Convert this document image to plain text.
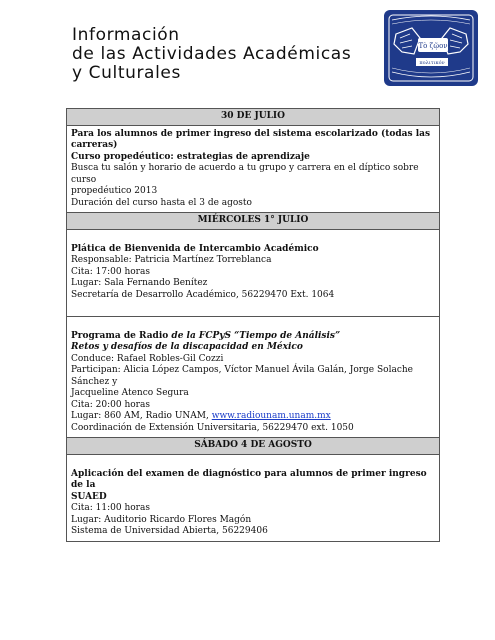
Información
de las Actividades Académicas
y Culturales
Τὸ ζῷον
πολιτικόν
30 DE JULIO

Para los alumnos de primer ingreso del sistema escolarizado (todas las carreras)
Curso propedéutico: estrategias de aprendizaje
Busca tu salón y horario de acuerdo a tu grupo y carrera en el díptico sobre curso
propedéutico 2013
Duración del curso hasta el 3 de agosto

MIÉRCOLES 1° JULIO

Plática de Bienvenida de Intercambio Académico
Responsable: Patricia Martínez Torreblanca
Cita: 17:00 horas
Lugar: Sala Fernando Benítez
Secretaría de Desarrollo Académico, 56229470 Ext. 1064

Programa de Radio de la FCPyS “Tiempo de Análisis”
Retos y desafíos de la discapacidad en México
Conduce: Rafael Robles-Gil Cozzi
Participan: Alicia López Campos, Víctor Manuel Ávila Galán, Jorge Solache Sánchez y
Jacqueline Atenco Segura
Cita: 20:00 horas
Lugar: 860 AM, Radio UNAM, www.radiounam.unam.mx
Coordinación de Extensión Universitaria, 56229470 ext. 1050

SÁBADO 4 DE AGOSTO

Aplicación del examen de diagnóstico para alumnos de primer ingreso de la
SUAED
Cita: 11:00 horas
Lugar: Auditorio Ricardo Flores Magón
Sistema de Universidad Abierta, 56229406
